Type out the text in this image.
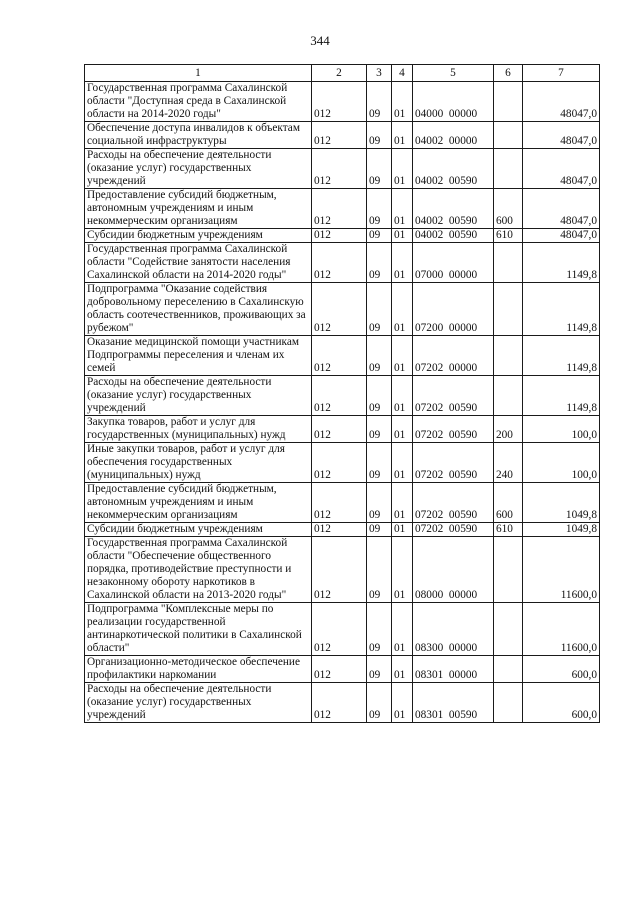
344
1	2	3	4	5	6	7
Государственная программа Сахалинской области "Доступная среда в Сахалинской области на 2014-2020 годы"	012	09	01	04000  00000		48047,0
Обеспечение доступа инвалидов к объектам социальной инфраструктуры	012	09	01	04002  00000		48047,0
Расходы на обеспечение деятельности (оказание услуг) государственных учреждений	012	09	01	04002  00590		48047,0
Предоставление субсидий бюджетным, автономным учреждениям и иным некоммерческим организациям	012	09	01	04002  00590	600	48047,0
Субсидии бюджетным учреждениям	012	09	01	04002  00590	610	48047,0
Государственная программа Сахалинской области "Содействие занятости населения Сахалинской области на 2014-2020 годы"	012	09	01	07000  00000		1149,8
Подпрограмма "Оказание содействия добровольному переселению в Сахалинскую область соотечественников, проживающих за рубежом"	012	09	01	07200  00000		1149,8
Оказание медицинской помощи участникам Подпрограммы переселения и членам их семей	012	09	01	07202  00000		1149,8
Расходы на обеспечение деятельности (оказание услуг) государственных учреждений	012	09	01	07202  00590		1149,8
Закупка товаров, работ и услуг для государственных (муниципальных) нужд	012	09	01	07202  00590	200	100,0
Иные закупки товаров, работ и услуг для обеспечения государственных (муниципальных) нужд	012	09	01	07202  00590	240	100,0
Предоставление субсидий бюджетным, автономным учреждениям и иным некоммерческим организациям	012	09	01	07202  00590	600	1049,8
Субсидии бюджетным учреждениям	012	09	01	07202  00590	610	1049,8
Государственная программа Сахалинской области "Обеспечение общественного порядка, противодействие преступности и незаконному обороту наркотиков в Сахалинской области на 2013-2020 годы"	012	09	01	08000  00000		11600,0
Подпрограмма "Комплексные меры по реализации государственной антинаркотической политики в Сахалинской области"	012	09	01	08300  00000		11600,0
Организационно-методическое обеспечение профилактики наркомании	012	09	01	08301  00000		600,0
Расходы на обеспечение деятельности (оказание услуг) государственных учреждений	012	09	01	08301  00590		600,0
